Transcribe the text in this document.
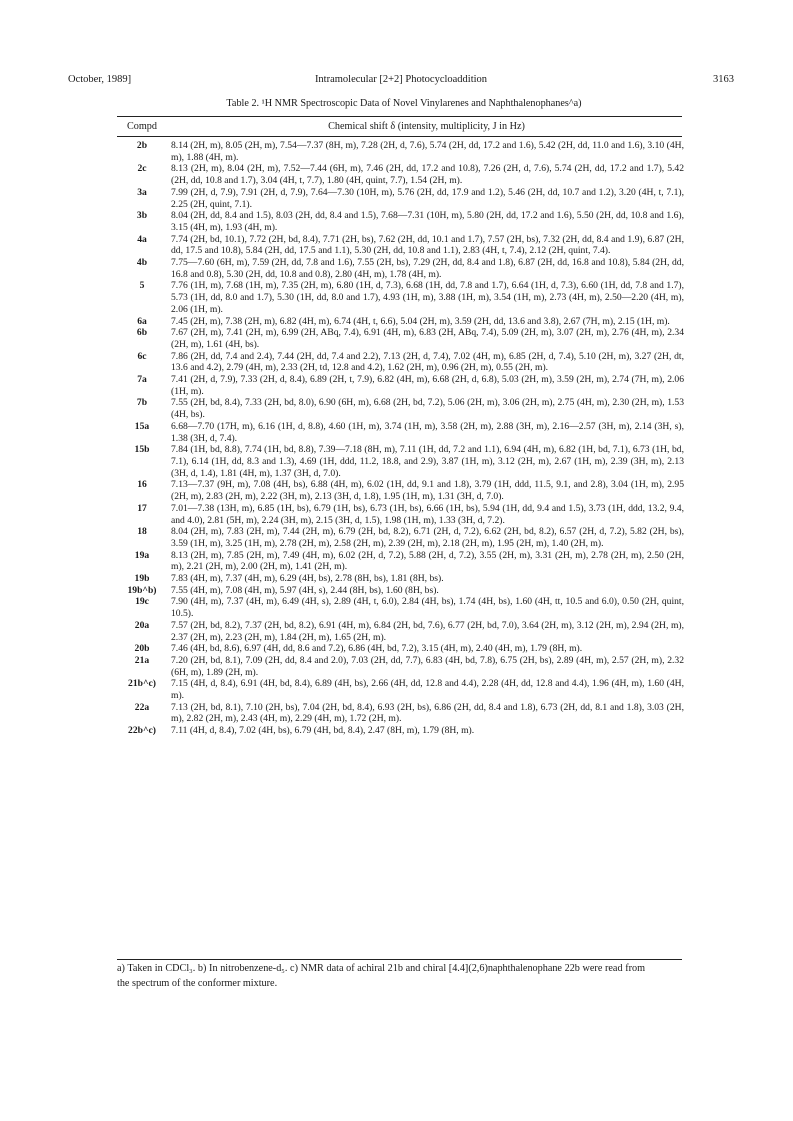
October, 1989]	Intramolecular [2+2] Photocycloaddition	3163
Table 2. ¹H NMR Spectroscopic Data of Novel Vinylarenes and Naphthalenophanes^a)
Compd	Chemical shift δ (intensity, multiplicity, J in Hz)
2b	8.14 (2H, m), 8.05 (2H, m), 7.54—7.37 (8H, m), 7.28 (2H, d, 7.6), 5.74 (2H, dd, 17.2 and 1.6), 5.42 (2H, dd, 11.0 and 1.6), 3.10 (4H, m), 1.88 (4H, m).
2c	8.13 (2H, m), 8.04 (2H, m), 7.52—7.44 (6H, m), 7.46 (2H, dd, 17.2 and 10.8), 7.26 (2H, d, 7.6), 5.74 (2H, dd, 17.2 and 1.7), 5.42 (2H, dd, 10.8 and 1.7), 3.04 (4H, t, 7.7), 1.80 (4H, quint, 7.7), 1.54 (2H, m).
3a	7.99 (2H, d, 7.9), 7.91 (2H, d, 7.9), 7.64—7.30 (10H, m), 5.76 (2H, dd, 17.9 and 1.2), 5.46 (2H, dd, 10.7 and 1.2), 3.20 (4H, t, 7.1), 2.25 (2H, quint, 7.1).
3b	8.04 (2H, dd, 8.4 and 1.5), 8.03 (2H, dd, 8.4 and 1.5), 7.68—7.31 (10H, m), 5.80 (2H, dd, 17.2 and 1.6), 5.50 (2H, dd, 10.8 and 1.6), 3.15 (4H, m), 1.93 (4H, m).
4a	7.74 (2H, bd, 10.1), 7.72 (2H, bd, 8.4), 7.71 (2H, bs), 7.62 (2H, dd, 10.1 and 1.7), 7.57 (2H, bs), 7.32 (2H, dd, 8.4 and 1.9), 6.87 (2H, dd, 17.5 and 10.8), 5.84 (2H, dd, 17.5 and 1.1), 5.30 (2H, dd, 10.8 and 1.1), 2.83 (4H, t, 7.4), 2.12 (2H, quint, 7.4).
4b	7.75—7.60 (6H, m), 7.59 (2H, dd, 7.8 and 1.6), 7.55 (2H, bs), 7.29 (2H, dd, 8.4 and 1.8), 6.87 (2H, dd, 16.8 and 10.8), 5.84 (2H, dd, 16.8 and 0.8), 5.30 (2H, dd, 10.8 and 0.8), 2.80 (4H, m), 1.78 (4H, m).
5	7.76 (1H, m), 7.68 (1H, m), 7.35 (2H, m), 6.80 (1H, d, 7.3), 6.68 (1H, dd, 7.8 and 1.7), 6.64 (1H, d, 7.3), 6.60 (1H, dd, 7.8 and 1.7), 5.73 (1H, dd, 8.0 and 1.7), 5.30 (1H, dd, 8.0 and 1.7), 4.93 (1H, m), 3.88 (1H, m), 3.54 (1H, m), 2.73 (4H, m), 2.50—2.20 (4H, m), 2.06 (1H, m).
6a	7.45 (2H, m), 7.38 (2H, m), 6.82 (4H, m), 6.74 (4H, t, 6.6), 5.04 (2H, m), 3.59 (2H, dd, 13.6 and 3.8), 2.67 (7H, m), 2.15 (1H, m).
6b	7.67 (2H, m), 7.41 (2H, m), 6.99 (2H, ABq, 7.4), 6.91 (4H, m), 6.83 (2H, ABq, 7.4), 5.09 (2H, m), 3.07 (2H, m), 2.76 (4H, m), 2.34 (2H, m), 1.61 (4H, bs).
6c	7.86 (2H, dd, 7.4 and 2.4), 7.44 (2H, dd, 7.4 and 2.2), 7.13 (2H, d, 7.4), 7.02 (4H, m), 6.85 (2H, d, 7.4), 5.10 (2H, m), 3.27 (2H, dt, 13.6 and 4.2), 2.79 (4H, m), 2.33 (2H, td, 12.8 and 4.2), 1.62 (2H, m), 0.96 (2H, m), 0.55 (2H, m).
7a	7.41 (2H, d, 7.9), 7.33 (2H, d, 8.4), 6.89 (2H, t, 7.9), 6.82 (4H, m), 6.68 (2H, d, 6.8), 5.03 (2H, m), 3.59 (2H, m), 2.74 (7H, m), 2.06 (1H, m).
7b	7.55 (2H, bd, 8.4), 7.33 (2H, bd, 8.0), 6.90 (6H, m), 6.68 (2H, bd, 7.2), 5.06 (2H, m), 3.06 (2H, m), 2.75 (4H, m), 2.30 (2H, m), 1.53 (4H, bs).
15a	6.68—7.70 (17H, m), 6.16 (1H, d, 8.8), 4.60 (1H, m), 3.74 (1H, m), 3.58 (2H, m), 2.88 (3H, m), 2.16—2.57 (3H, m), 2.14 (3H, s), 1.38 (3H, d, 7.4).
15b	7.84 (1H, bd, 8.8), 7.74 (1H, bd, 8.8), 7.39—7.18 (8H, m), 7.11 (1H, dd, 7.2 and 1.1), 6.94 (4H, m), 6.82 (1H, bd, 7.1), 6.73 (1H, bd, 7.1), 6.14 (1H, dd, 8.3 and 1.3), 4.69 (1H, ddd, 11.2, 18.8, and 2.9), 3.87 (1H, m), 3.12 (2H, m), 2.67 (1H, m), 2.39 (3H, m), 2.13 (3H, d, 1.4), 1.81 (4H, m), 1.37 (3H, d, 7.0).
16	7.13—7.37 (9H, m), 7.08 (4H, bs), 6.88 (4H, m), 6.02 (1H, dd, 9.1 and 1.8), 3.79 (1H, ddd, 11.5, 9.1, and 2.8), 3.04 (1H, m), 2.95 (2H, m), 2.83 (2H, m), 2.22 (3H, m), 2.13 (3H, d, 1.8), 1.95 (1H, m), 1.31 (3H, d, 7.0).
17	7.01—7.38 (13H, m), 6.85 (1H, bs), 6.79 (1H, bs), 6.73 (1H, bs), 6.66 (1H, bs), 5.94 (1H, dd, 9.4 and 1.5), 3.73 (1H, ddd, 13.2, 9.4, and 4.0), 2.81 (5H, m), 2.24 (3H, m), 2.15 (3H, d, 1.5), 1.98 (1H, m), 1.33 (3H, d, 7.2).
18	8.04 (2H, m), 7.83 (2H, m), 7.44 (2H, m), 6.79 (2H, bd, 8.2), 6.71 (2H, d, 7.2), 6.62 (2H, bd, 8.2), 6.57 (2H, d, 7.2), 5.82 (2H, bs), 3.59 (1H, m), 3.25 (1H, m), 2.78 (2H, m), 2.58 (2H, m), 2.39 (2H, m), 2.18 (2H, m), 1.95 (2H, m), 1.40 (2H, m).
19a	8.13 (2H, m), 7.85 (2H, m), 7.49 (4H, m), 6.02 (2H, d, 7.2), 5.88 (2H, d, 7.2), 3.55 (2H, m), 3.31 (2H, m), 2.78 (2H, m), 2.50 (2H, m), 2.21 (2H, m), 2.00 (2H, m), 1.41 (2H, m).
19b	7.83 (4H, m), 7.37 (4H, m), 6.29 (4H, bs), 2.78 (8H, bs), 1.81 (8H, bs).
19b^b)	7.55 (4H, m), 7.08 (4H, m), 5.97 (4H, s), 2.44 (8H, bs), 1.60 (8H, bs).
19c	7.90 (4H, m), 7.37 (4H, m), 6.49 (4H, s), 2.89 (4H, t, 6.0), 2.84 (4H, bs), 1.74 (4H, bs), 1.60 (4H, tt, 10.5 and 6.0), 0.50 (2H, quint, 10.5).
20a	7.57 (2H, bd, 8.2), 7.37 (2H, bd, 8.2), 6.91 (4H, m), 6.84 (2H, bd, 7.6), 6.77 (2H, bd, 7.0), 3.64 (2H, m), 3.12 (2H, m), 2.94 (2H, m), 2.37 (2H, m), 2.23 (2H, m), 1.84 (2H, m), 1.65 (2H, m).
20b	7.46 (4H, bd, 8.6), 6.97 (4H, dd, 8.6 and 7.2), 6.86 (4H, bd, 7.2), 3.15 (4H, m), 2.40 (4H, m), 1.79 (8H, m).
21a	7.20 (2H, bd, 8.1), 7.09 (2H, dd, 8.4 and 2.0), 7.03 (2H, dd, 7.7), 6.83 (4H, bd, 7.8), 6.75 (2H, bs), 2.89 (4H, m), 2.57 (2H, m), 2.32 (6H, m), 1.89 (2H, m).
21b^c)	7.15 (4H, d, 8.4), 6.91 (4H, bd, 8.4), 6.89 (4H, bs), 2.66 (4H, dd, 12.8 and 4.4), 2.28 (4H, dd, 12.8 and 4.4), 1.96 (4H, m), 1.60 (4H, m).
22a	7.13 (2H, bd, 8.1), 7.10 (2H, bs), 7.04 (2H, bd, 8.4), 6.93 (2H, bs), 6.86 (2H, dd, 8.4 and 1.8), 6.73 (2H, dd, 8.1 and 1.8), 3.03 (2H, m), 2.82 (2H, m), 2.43 (4H, m), 2.29 (4H, m), 1.72 (2H, m).
22b^c)	7.11 (4H, d, 8.4), 7.02 (4H, bs), 6.79 (4H, bd, 8.4), 2.47 (8H, m), 1.79 (8H, m).
a) Taken in CDCl₃. b) In nitrobenzene-d₅. c) NMR data of achiral 21b and chiral [4.4](2,6)naphthalenophane 22b were read from the spectrum of the conformer mixture.
